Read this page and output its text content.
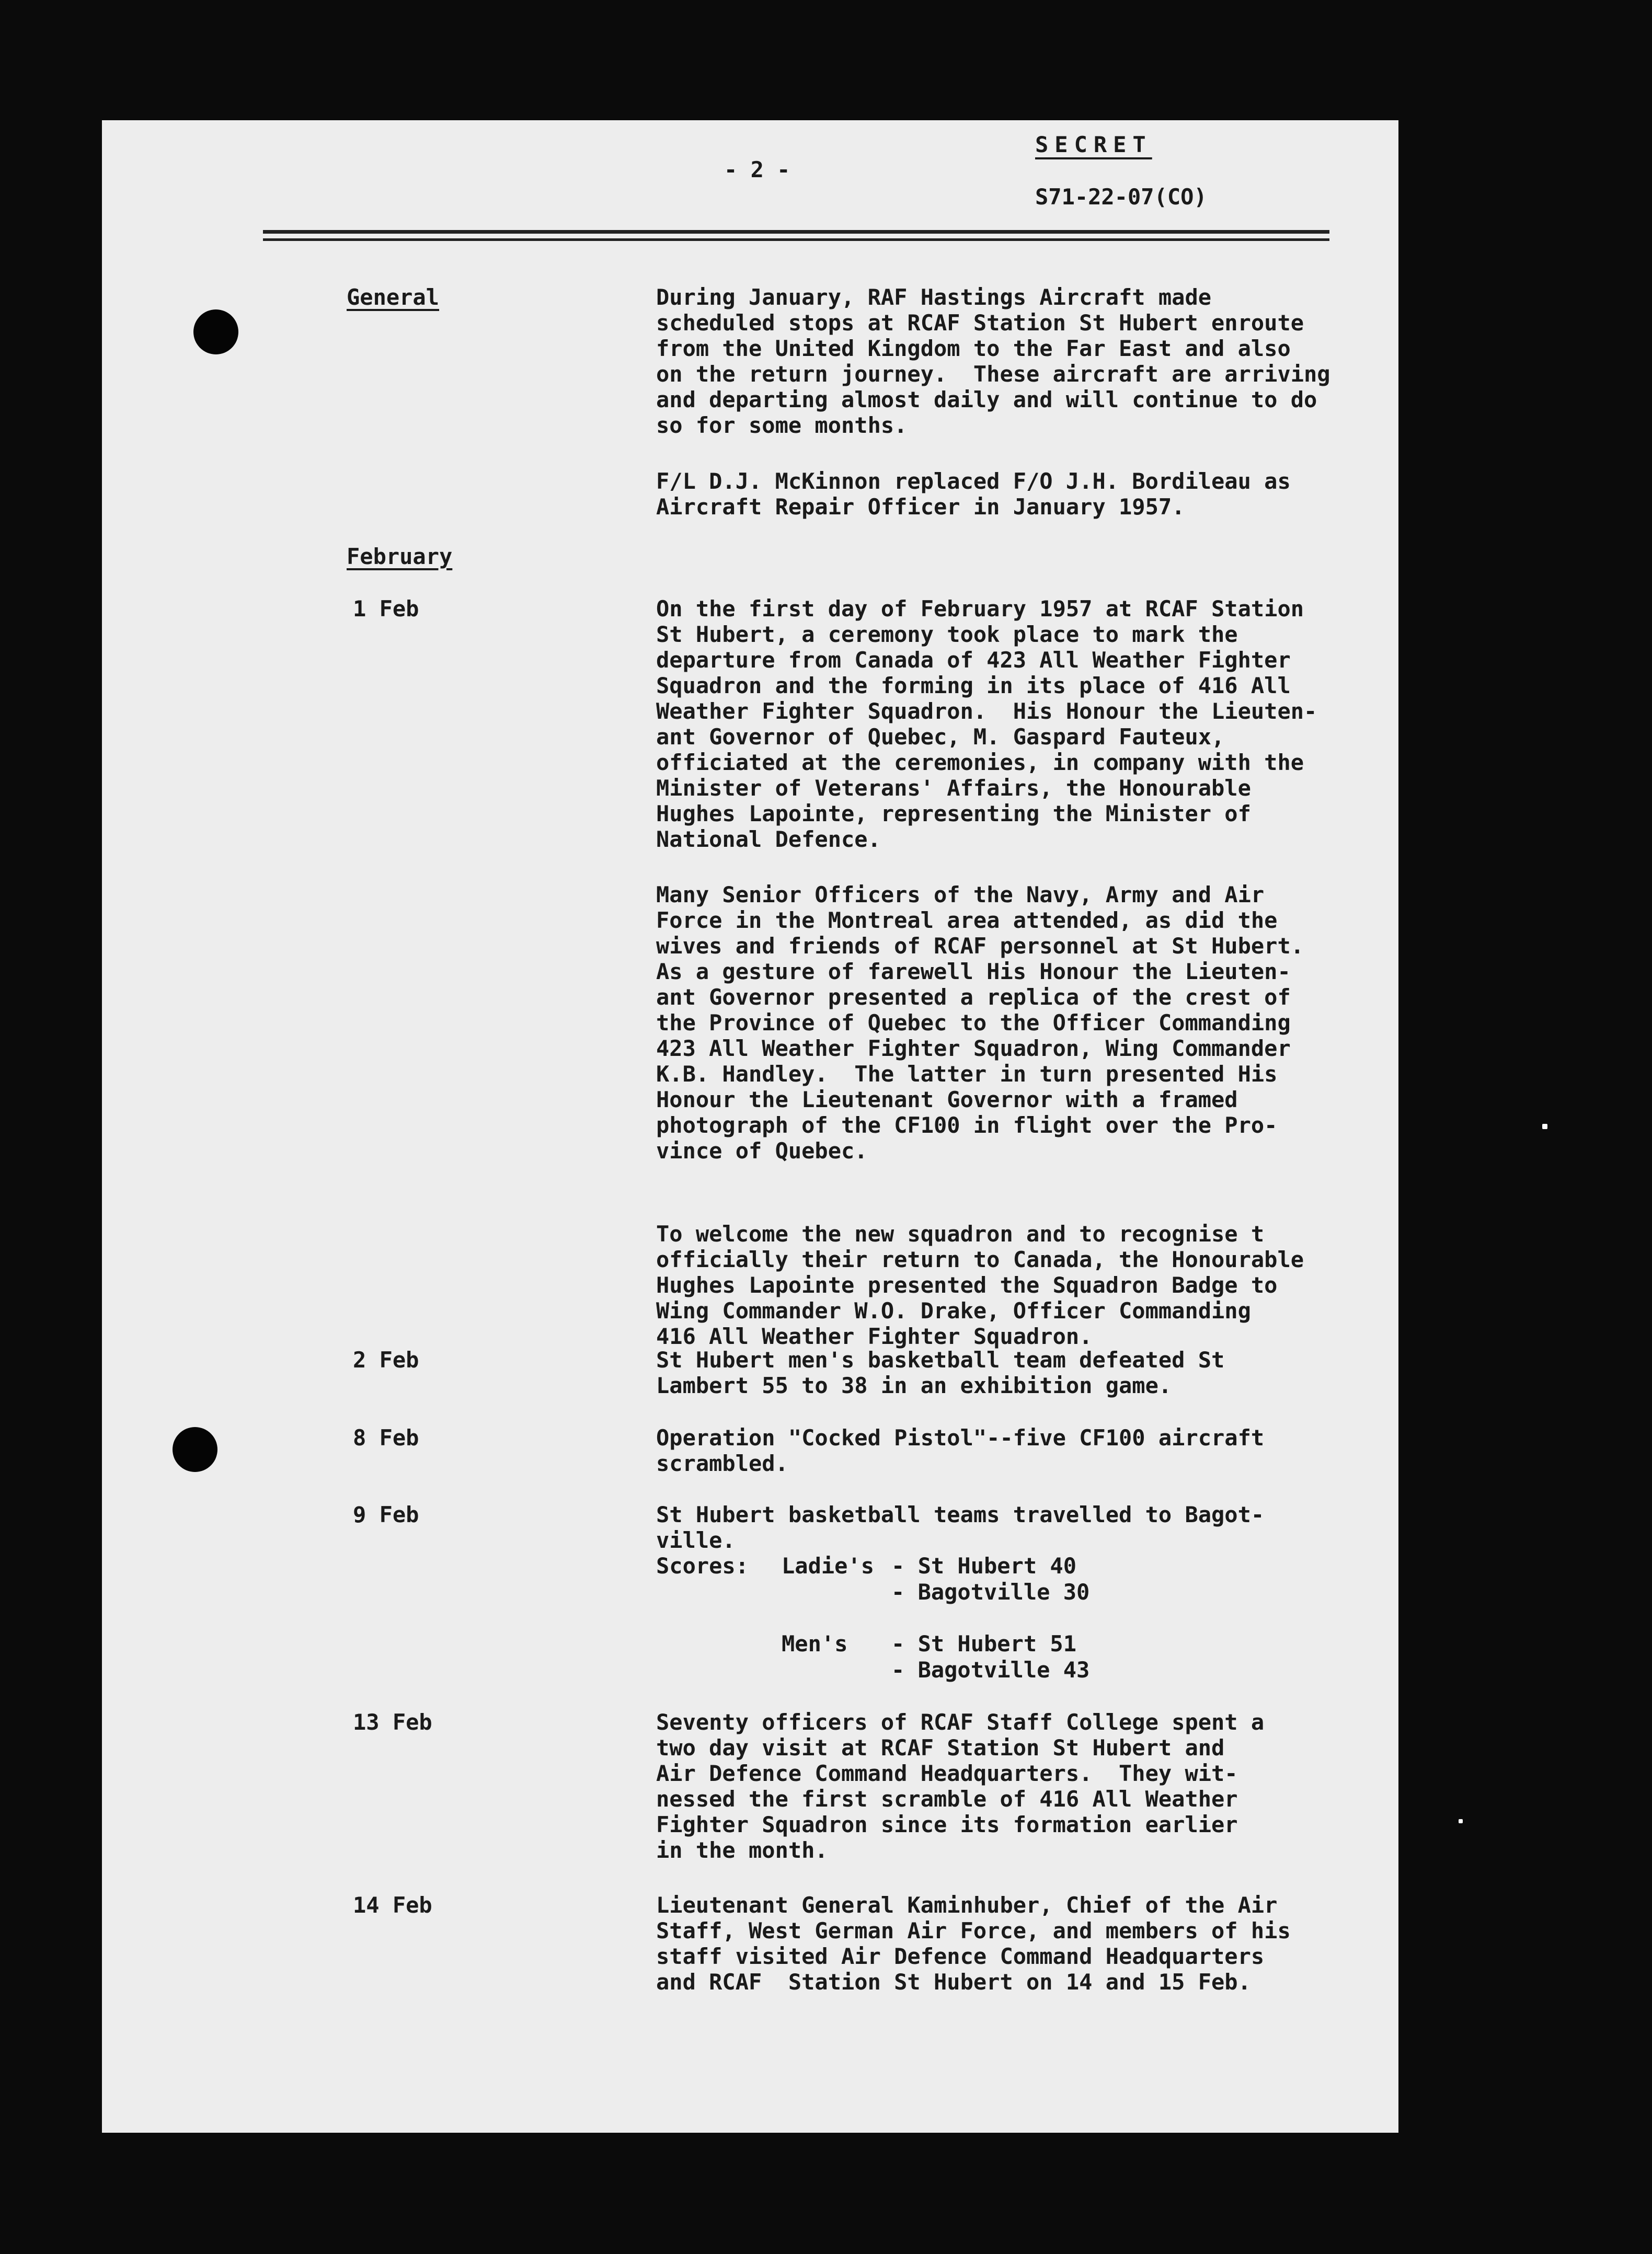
- 2 -
SECRET
S71-22-07(CO)
General	During January, RAF Hastings Aircraft made
scheduled stops at RCAF Station St Hubert enroute
from the United Kingdom to the Far East and also
on the return journey.  These aircraft are arriving
and departing almost daily and will continue to do
so for some months.

F/L D.J. McKinnon replaced F/O J.H. Bordileau as
Aircraft Repair Officer in January 1957.

February
1 Feb	On the first day of February 1957 at RCAF Station
St Hubert, a ceremony took place to mark the
departure from Canada of 423 All Weather Fighter
Squadron and the forming in its place of 416 All
Weather Fighter Squadron.  His Honour the Lieuten-
ant Governor of Quebec, M. Gaspard Fauteux,
officiated at the ceremonies, in company with the
Minister of Veterans' Affairs, the Honourable
Hughes Lapointe, representing the Minister of
National Defence.

Many Senior Officers of the Navy, Army and Air
Force in the Montreal area attended, as did the
wives and friends of RCAF personnel at St Hubert.
As a gesture of farewell His Honour the Lieuten-
ant Governor presented a replica of the crest of
the Province of Quebec to the Officer Commanding
423 All Weather Fighter Squadron, Wing Commander
K.B. Handley.  The latter in turn presented His
Honour the Lieutenant Governor with a framed
photograph of the CF100 in flight over the Pro-
vince of Quebec.

To welcome the new squadron and to recognise t
officially their return to Canada, the Honourable
Hughes Lapointe presented the Squadron Badge to
Wing Commander W.O. Drake, Officer Commanding
416 All Weather Fighter Squadron.

2 Feb	St Hubert men's basketball team defeated St
Lambert 55 to 38 in an exhibition game.

8 Feb	Operation "Cocked Pistol"--five CF100 aircraft
scrambled.

9 Feb	St Hubert basketball teams travelled to Bagot-
ville.

Scores: Ladie's - St Hubert 40
- Bagotville 30
Men's - St Hubert 51
- Bagotville 43
13 Feb	Seventy officers of RCAF Staff College spent a
two day visit at RCAF Station St Hubert and
Air Defence Command Headquarters.  They wit-
nessed the first scramble of 416 All Weather
Fighter Squadron since its formation earlier
in the month.

14 Feb	Lieutenant General Kaminhuber, Chief of the Air
Staff, West German Air Force, and members of his
staff visited Air Defence Command Headquarters
and RCAF  Station St Hubert on 14 and 15 Feb.
